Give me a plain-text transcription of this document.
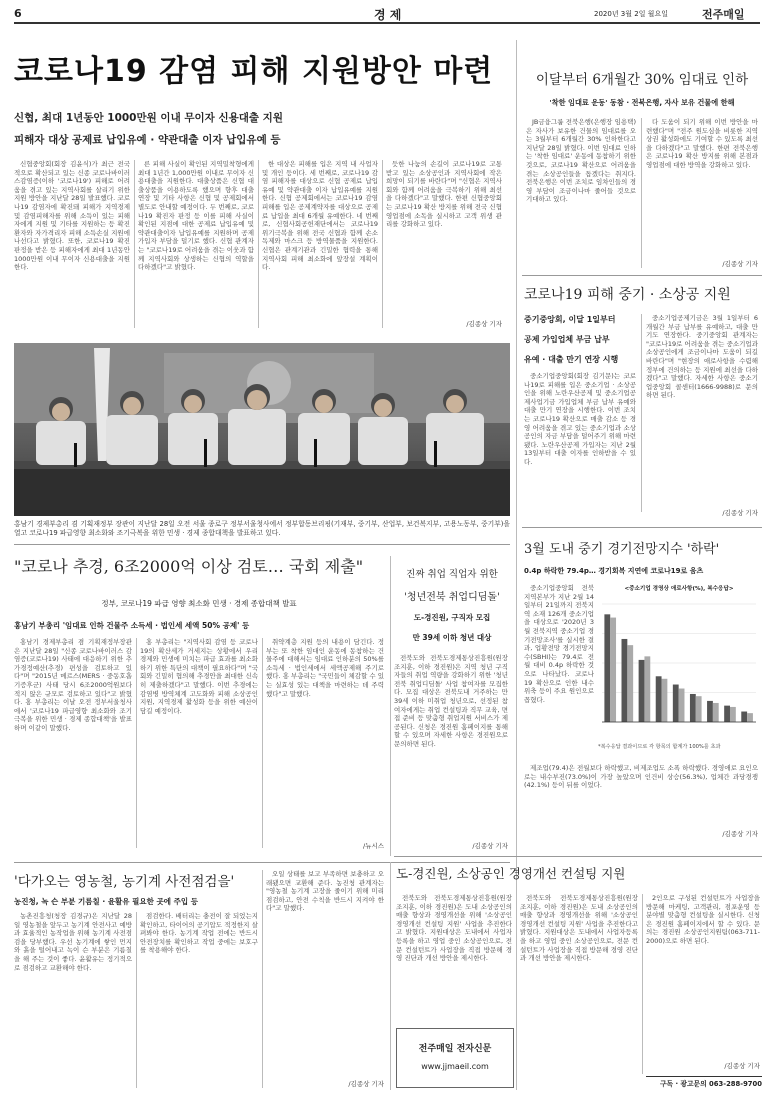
6	경 제	2020년 3월 2일 월요일	전주매일
코로나19 감염 피해 지원방안 마련
신협, 최대 1년동안 1000만원 이내 무이자 신용대출 지원
피해자 대상 공제료 납입유예 · 약관대출 이자 납입유예 등

신협중앙회(회장 김윤식)가 최근 전국적으로 확산되고 있는 신종 코로나바이러스감염증(이하 '코로나19') 피해로 어려움을 겪고 있는 지역사회를 살리기 위한 지원 방안을 지난달 28일 발표했다. 코로나19 감염자에 확진돼 피해가 지역경제 및 감염피해자를 위해 소득이 있는 피해자에게 지원 및 기타를 지원하는 등 확진환자와 자가격리자 피해 소득손실 지원에 나선다고 밝혔다. 또한, 코로나19 확진 판정을 받은 등 피해자에게 최대 1년동안 1000만원 이내 무이자 신용대출을 지원한다.

른 피해 사실이 확인된 지역밀착형에게 최대 1년간 1,000만원 이내로 무이자 신용대출을 지원한다. 대출상품은 신협 대출상품을 이용하도록 했으며 향후 대출 연장 및 기타 사항은 신협 및 공제회에서 별도로 안내할 예정이다. 두 번째로, 코로나19 확진자 판정 등 이를 피해 사실이 확인된 지점에 대한 공제료 납입유예 및 약관대출이자 납입유예를 지원하며 공제 가입자 부담을 덜기로 했다. 신협 관계자는 "코로나19로 어려움을 겪는 이웃과 함께 지역사회와 상생하는 신협의 역할을 다하겠다"고 밝혔다.

한 대상은 피해를 입은 지역 내 사업자 및 개인 등이다. 세 번째로, 코로나19 감염 피해자를 대상으로 신협 공제료 납입유예 및 약관대출 이자 납입유예를 지원한다. 신협 공제회에서는 코로나19 감염 피해를 입은 공제계약자를 대상으로 공제료 납입을 최대 6개월 유예한다. 네 번째로, 신협사회공헌재단에서는 코로나19 위기극복을 위해 전국 신협과 함께 손소독제와 마스크 등 방역물품을 지원한다. 신협은 관계기관과 긴밀한 협력을 통해 지역사회 피해 최소화에 앞장설 계획이다.

듯한 나눔의 손길이 코로나19로 고통받고 있는 소상공인과 지역사회에 작은 희망이 되기를 바란다"며 "신협은 지역사회와 함께 어려움을 극복하기 위해 최선을 다하겠다"고 말했다. 한편 신협중앙회는 코로나19 확산 방지를 위해 전국 신협 영업점에 소독을 실시하고 고객 위생 관리를 강화하고 있다.

/김종상 기자
홍남기 경제부총리 겸 기획재정부 장관이 지난달 28일 오전 서울 종로구 정부서울청사에서 정부합동브리핑(기재부, 중기부, 산업부, 보건복지부, 고용노동부, 중기부)을 열고 코로나19 파급영향 최소화와 조기극복을 위한 민생 · 경제 종합대책을 발표하고 있다.
이달부터 6개월간 30% 임대료 인하
'착한 임대료 운동' 동참 · 전북은행, 자사 보유 건물에 한해

JB금융그룹 전북은행(은행장 임용택)은 자사가 보유한 건물의 임대료를 오는 3월부터 6개월간 30% 인하한다고 지난달 28일 밝혔다. 이번 임대료 인하는 '착한 임대료' 운동에 동참하기 위한 것으로, 코로나19 확산으로 어려움을 겪는 소상공인들을 돕겠다는 취지다. 전북은행은 이번 조치로 임차인들의 경영 부담이 조금이나마 줄어들 것으로 기대하고 있다.

다 도움이 되기 위해 이번 방안을 마련했다"며 "전주 원도심을 비롯한 지역상권 활성화에도 기여할 수 있도록 최선을 다하겠다"고 말했다. 한편 전북은행은 코로나19 확산 방지를 위해 본점과 영업점에 대한 방역을 강화하고 있다.

/김종상 기자
코로나19 피해 중기 · 소상공 지원
중기중앙회, 이달 1일부터
공제 가입업체 부금 납부
유예 · 대출 만기 연장 시행

중소기업중앙회(회장 김기문)는 코로나19로 피해를 입은 중소기업 · 소상공인을 위해 노란우산공제 및 중소기업공제사업기금 가입업체 부금 납부 유예와 대출 만기 연장을 시행한다. 이번 조치는 코로나19 확산으로 매출 감소 등 경영 어려움을 겪고 있는 중소기업과 소상공인의 자금 부담을 덜어주기 위해 마련됐다. 노란우산공제 가입자는 지난 2월 13일부터 대출 이자를 인하받을 수 있다.

중소기업공제기금은 3월 1일부터 6개월간 부금 납부를 유예하고, 대출 만기도 연장한다. 중기중앙회 관계자는 "코로나19로 어려움을 겪는 중소기업과 소상공인에게 조금이나마 도움이 되길 바란다"며 "현장의 애로사항을 수렴해 정부에 건의하는 등 지원에 최선을 다하겠다"고 말했다. 자세한 사항은 중소기업중앙회 콜센터(1666-9988)로 문의하면 된다.

/김종상 기자
"코로나 추경, 6조2000억 이상 검토… 국회 제출"
정부, 코로나19 파급 영향 최소화 민생 · 경제 종합대책 발표
홍남기 부총리 '임대료 인하 건물주 소득세 · 법인세 세액 50% 공제' 등

홍남기 경제부총리 겸 기획재정부장관은 지난달 28일 "신종 코로나바이러스 감염증(코로나19) 사태에 대응하기 위한 추가경정예산(추경) 편성을 검토하고 있다"며 "2015년 메르스(MERS · 중동호흡기증후군) 사태 당시 6조2000억원보다 적지 않은 규모로 검토하고 있다"고 밝혔다. 홍 부총리는 이날 오전 정부서울청사에서 '코로나19 파급영향 최소화와 조기극복을 위한 민생 · 경제 종합대책'을 발표하며 이같이 말했다.

홍 부총리는 "지역사회 감염 등 코로나19의 확산세가 거세지는 상황에서 우리 경제와 민생에 미치는 파급 효과를 최소화하기 위한 특단의 대책이 필요하다"며 "국회와 긴밀히 협의해 추경안을 최대한 신속히 제출하겠다"고 말했다. 이번 추경에는 감염병 방역체계 고도화와 피해 소상공인 지원, 지역경제 활성화 등을 위한 예산이 담길 예정이다.

취약계층 지원 등의 내용이 담긴다. 정부는 또 착한 임대인 운동에 동참하는 건물주에 대해서는 임대료 인하분의 50%를 소득세 · 법인세에서 세액공제해 주기로 했다. 홍 부총리는 "국민들이 체감할 수 있는 실효성 있는 대책을 마련하는 데 주력했다"고 말했다.

/뉴시스
진짜 취업 직업자 위한
'청년전북 취업디딤돌'
도-경진원, 구직자 모집
만 39세 이하 청년 대상

전북도와 전북도경제통상진흥원(원장 조지훈, 이하 경진원)은 지역 청년 구직자들의 취업 역량을 강화하기 위한 '청년전북 취업디딤돌' 사업 참여자를 모집한다. 모집 대상은 전북도내 거주하는 만 39세 이하 미취업 청년으로, 선정된 참여자에게는 취업 컨설팅과 직무 교육, 면접 준비 등 맞춤형 취업지원 서비스가 제공된다. 신청은 경진원 홈페이지를 통해 할 수 있으며 자세한 사항은 경진원으로 문의하면 된다.

/김종상 기자
3월 도내 중기 경기전망지수 '하락'
0.4p 하락한 79.4p… 경기회복 지연에 코로나19로 움츠

중소기업중앙회 전북지역본부가 지난 2월 14일부터 21일까지 전북지역 소재 126개 중소기업을 대상으로 '2020년 3월 전북지역 중소기업 경기전망조사'를 실시한 결과, 업황전망 경기전망지수(SBHI)는 79.4로 전월 대비 0.4p 하락한 것으로 나타났다. 코로나19 확산으로 인한 내수 위축 등이 주요 원인으로 꼽혔다.

<중소기업 경영상 애로사항(%), 복수응답>
*복수응답 결과이므로 각 항목의 합계가 100%를 초과

제조업(79.4)은 전월보다 하락했고, 비제조업도 소폭 하락했다. 경영애로 요인으로는 내수부진(73.0%)이 가장 높았으며 인건비 상승(56.3%), 업체간 과당경쟁(42.1%) 등이 뒤를 이었다.

/김종상 기자
'다가오는 영농철, 농기계 사전점검을'
농진청, 녹 슨 부분 기름칠 · 윤활유 필요한 곳에 주입 등

농촌진흥청(청장 김경규)은 지난달 28일 영농철을 앞두고 농기계 안전사고 예방과 효율적인 농작업을 위해 농기계 사전점검을 당부했다. 우선 농기계에 쌓인 먼지와 흙을 털어내고 녹이 슨 부분은 기름칠을 해 주는 것이 좋다. 윤활유는 정기적으로 점검하고 교환해야 한다.

점검한다. 배터리는 충전이 잘 되었는지 확인하고, 타이어의 공기압도 적정한지 살펴봐야 한다. 농기계 작업 전에는 반드시 안전장치를 확인하고 작업 중에는 보호구를 착용해야 한다.

오일 상태를 보고 부족하면 보충하고 오래됐으면 교환해 준다. 농진청 관계자는 "영농철 농기계 고장을 줄이기 위해 미리 점검하고, 안전 수칙을 반드시 지켜야 한다"고 말했다.

/김종상 기자
도-경진원, 소상공인 경영개선 컨설팅 지원

전북도와 전북도경제통상진흥원(원장 조지훈, 이하 경진원)은 도내 소상공인의 매출 향상과 경영개선을 위해 '소상공인 경영개선 컨설팅 지원' 사업을 추진한다고 밝혔다. 지원대상은 도내에서 사업자등록을 하고 영업 중인 소상공인으로, 전문 컨설턴트가 사업장을 직접 방문해 경영 진단과 개선 방안을 제시한다.

전북도와 전북도경제통상진흥원(원장 조지훈, 이하 경진원)은 도내 소상공인의 매출 향상과 경영개선을 위해 '소상공인 경영개선 컨설팅 지원' 사업을 추진한다고 밝혔다. 지원대상은 도내에서 사업자등록을 하고 영업 중인 소상공인으로, 전문 컨설턴트가 사업장을 직접 방문해 경영 진단과 개선 방안을 제시한다.

2인으로 구성된 컨설턴트가 사업장을 방문해 마케팅, 고객관리, 점포운영 등 분야별 맞춤형 컨설팅을 실시한다. 신청은 경진원 홈페이지에서 할 수 있다. 문의는 경진원 소상공인지원팀(063-711-2000)으로 하면 된다.

/김종상 기자
전주매일 전자신문
www.jjmaeil.com
구독 · 광고문의 063-288-9700
